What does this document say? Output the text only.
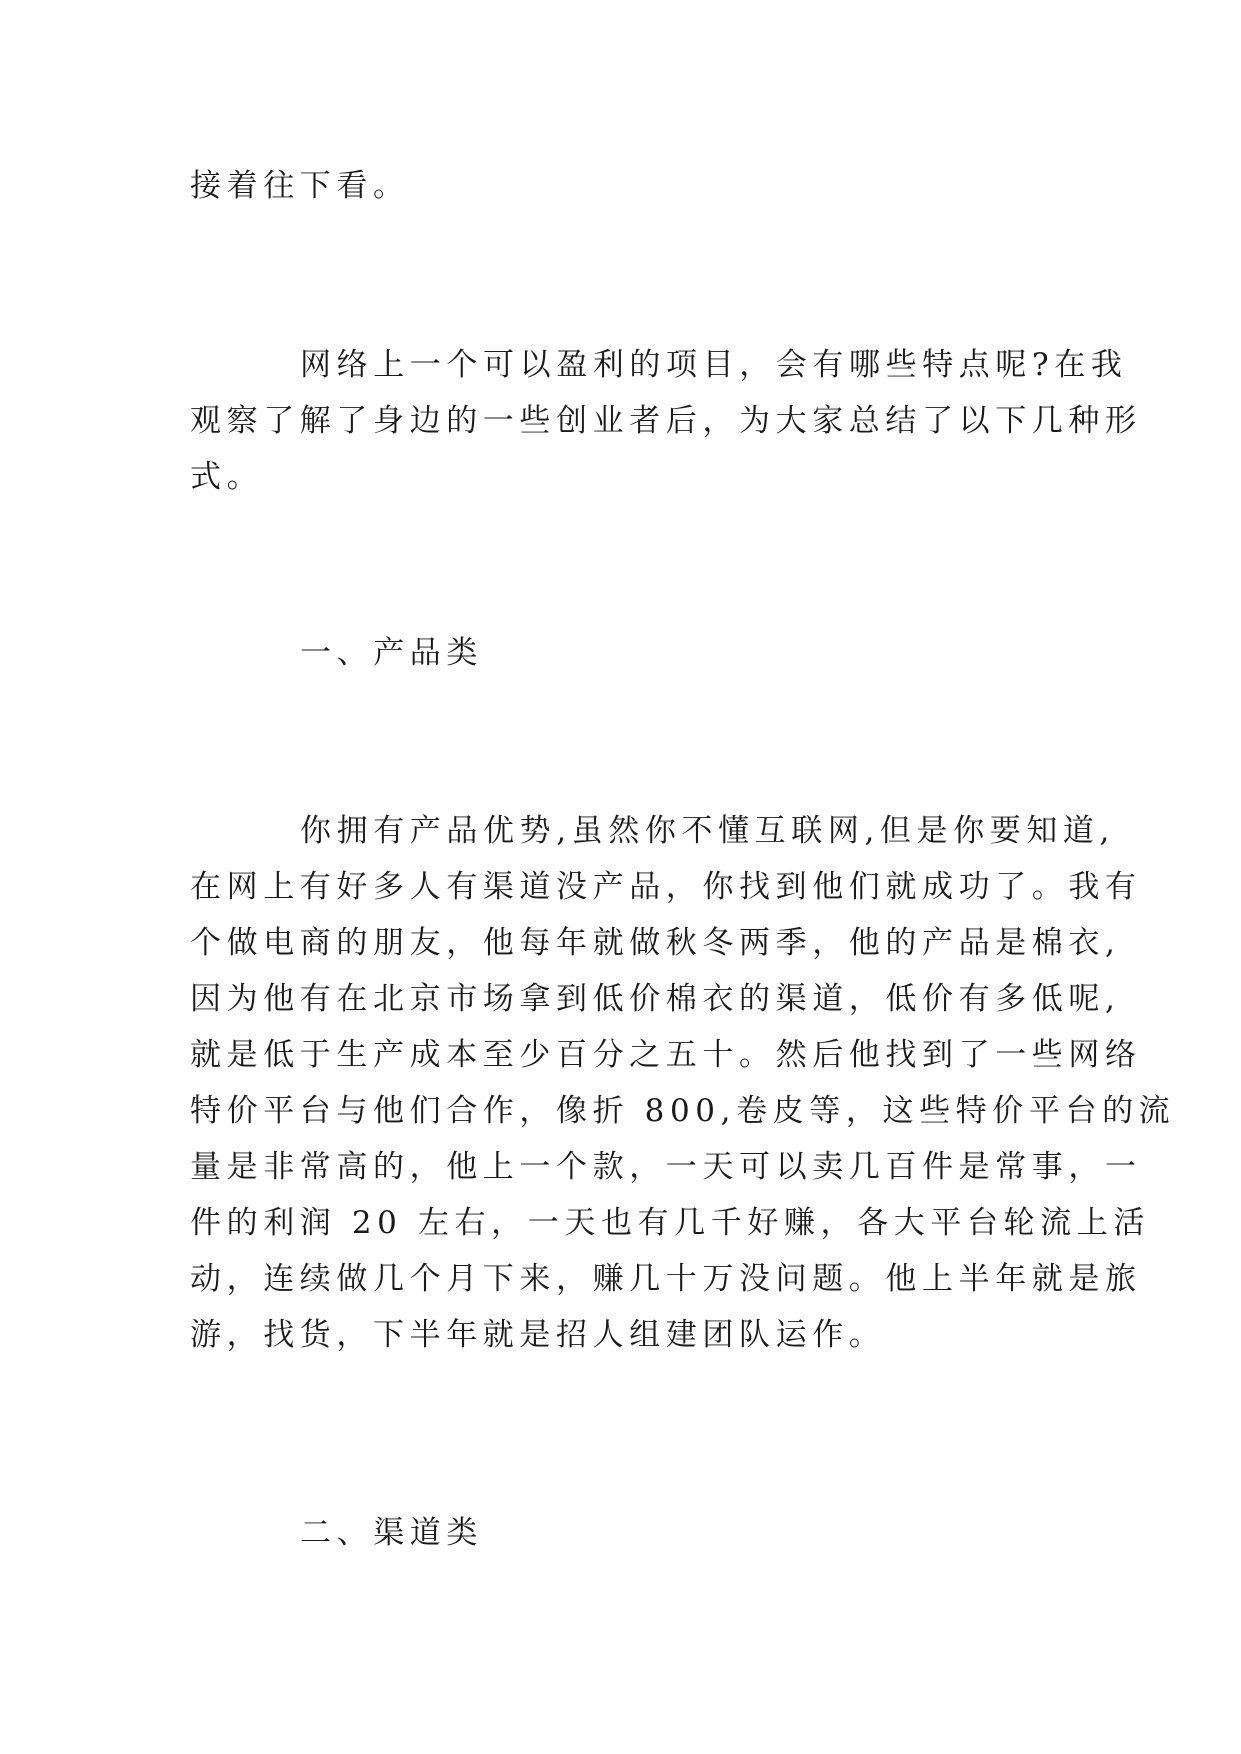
接着往下看。
网络上一个可以盈利的项目，会有哪些特点呢?在我
观察了解了身边的一些创业者后，为大家总结了以下几种形
式。
一、产品类
你拥有产品优势,虽然你不懂互联网,但是你要知道,
在网上有好多人有渠道没产品，你找到他们就成功了。我有
个做电商的朋友，他每年就做秋冬两季，他的产品是棉衣,
因为他有在北京市场拿到低价棉衣的渠道，低价有多低呢,
就是低于生产成本至少百分之五十。然后他找到了一些网络
特价平台与他们合作，像折 800,卷皮等，这些特价平台的流
量是非常高的，他上一个款，一天可以卖几百件是常事，一
件的利润 20 左右，一天也有几千好赚，各大平台轮流上活
动，连续做几个月下来，赚几十万没问题。他上半年就是旅
游，找货，下半年就是招人组建团队运作。
二、渠道类
